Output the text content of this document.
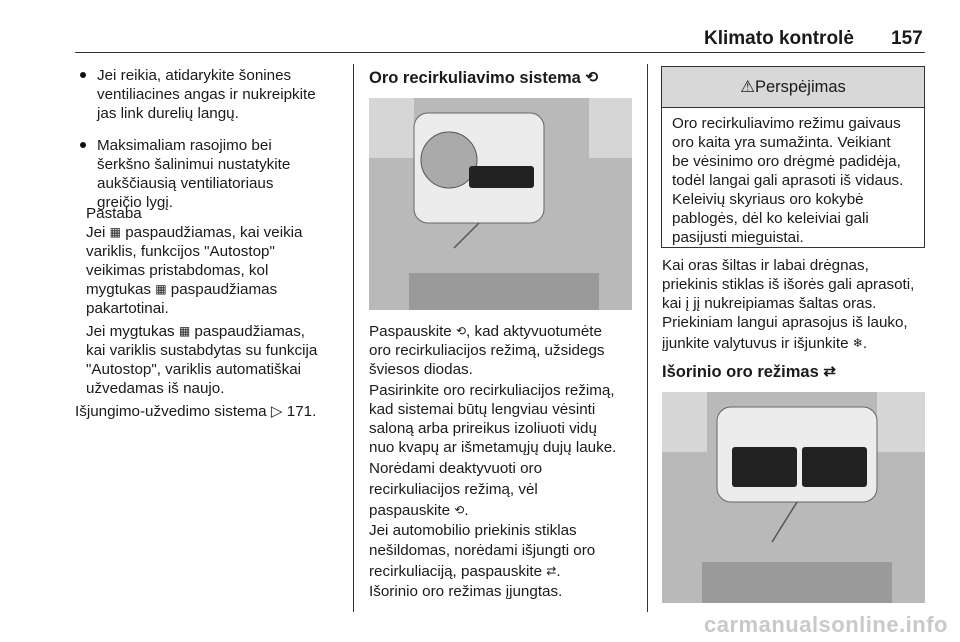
Klimato kontrolė 157
Jei reikia, atidarykite šonines
ventiliacines angas ir nukreipkite
jas link durelių langų.
Maksimaliam rasojimo bei
šerkšno šalinimui nustatykite
aukščiausią ventiliatoriaus
greičio lygį.
Pastaba
Jei ▦ paspaudžiamas, kai veikia
variklis, funkcijos "Autostop"
veikimas pristabdomas, kol
mygtukas ▦ paspaudžiamas
pakartotinai.
Jei mygtukas ▦ paspaudžiamas,
kai variklis sustabdytas su funkcija
"Autostop", variklis automatiškai
užvedamas iš naujo.
Išjungimo-užvedimo sistema ▷ 171.
Oro recirkuliavimo sistema ⟲
Paspauskite ⟲, kad aktyvuotumėte
oro recirkuliacijos režimą, užsidegs
šviesos diodas.
Pasirinkite oro recirkuliacijos režimą,
kad sistemai būtų lengviau vėsinti
saloną arba prireikus izoliuoti vidų
nuo kvapų ar išmetamųjų dujų lauke.
Norėdami deaktyvuoti oro
recirkuliacijos režimą, vėl
paspauskite ⟲.
Jei automobilio priekinis stiklas
nešildomas, norėdami išjungti oro
recirkuliaciją, paspauskite ⇄.
Išorinio oro režimas įjungtas.
⚠Perspėjimas
Oro recirkuliavimo režimu gaivaus
oro kaita yra sumažinta. Veikiant
be vėsinimo oro drėgmė padidėja,
todėl langai gali aprasoti iš vidaus.
Keleivių skyriaus oro kokybė
pablogės, dėl ko keleiviai gali
pasijusti mieguistai.
Kai oras šiltas ir labai drėgnas,
priekinis stiklas iš išorės gali aprasoti,
kai į jį nukreipiamas šaltas oras.
Priekiniam langui aprasojus iš lauko,
įjunkite valytuvus ir išjunkite ❄.
Išorinio oro režimas ⇄
carmanualsonline.info
